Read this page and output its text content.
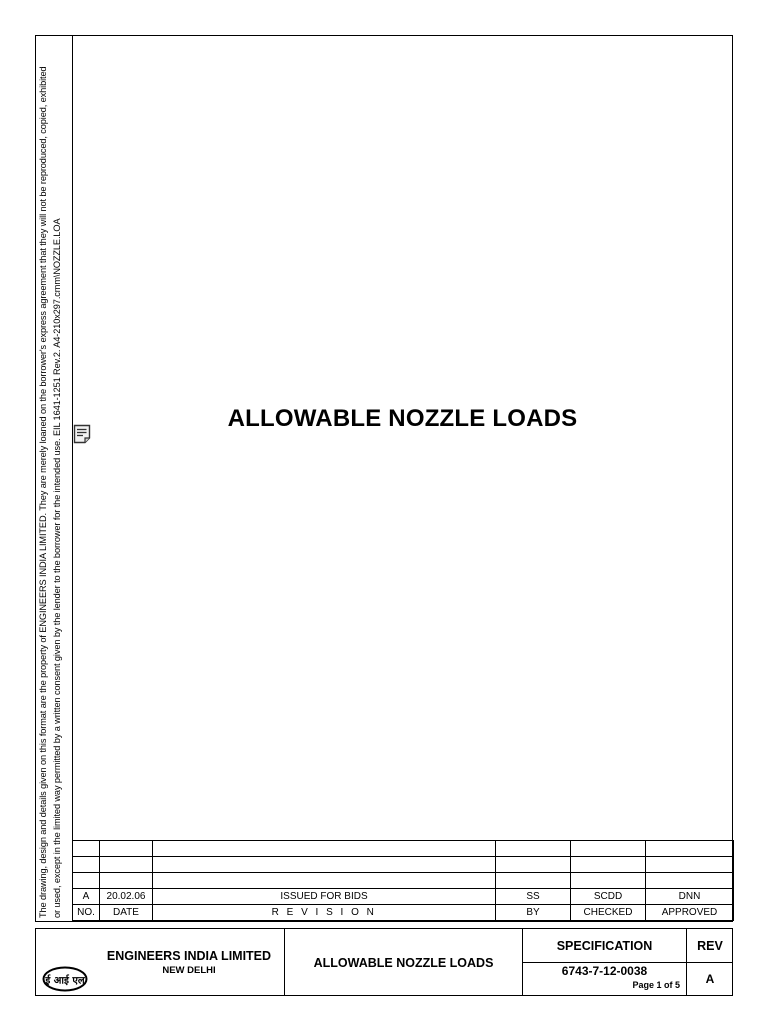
The drawing, design and details given on this format are the property of ENGINEERS INDIA LIMITED. They are merely loaned on the borrower's express agreement that they will not be reproduced, copied, exhibited or used, except in the limited way permitted by a written consent given by the lender to the borrower for the intended use. EIL 1641-1251 Rev.2. A4-210x297.cmm\NOZZLE.LOA	ALLOWABLE NOZZLE LOADS

A	20.02.06	ISSUED FOR BIDS	SS	SCDD	DNN
NO.	DATE	R E V I S I O N	BY	CHECKED	APPROVED
ई आई एल
ENGINEERS INDIA LIMITED
NEW DELHI
ALLOWABLE NOZZLE LOADS
SPECIFICATION
6743-7-12-0038
Page 1 of 5
REV
A
